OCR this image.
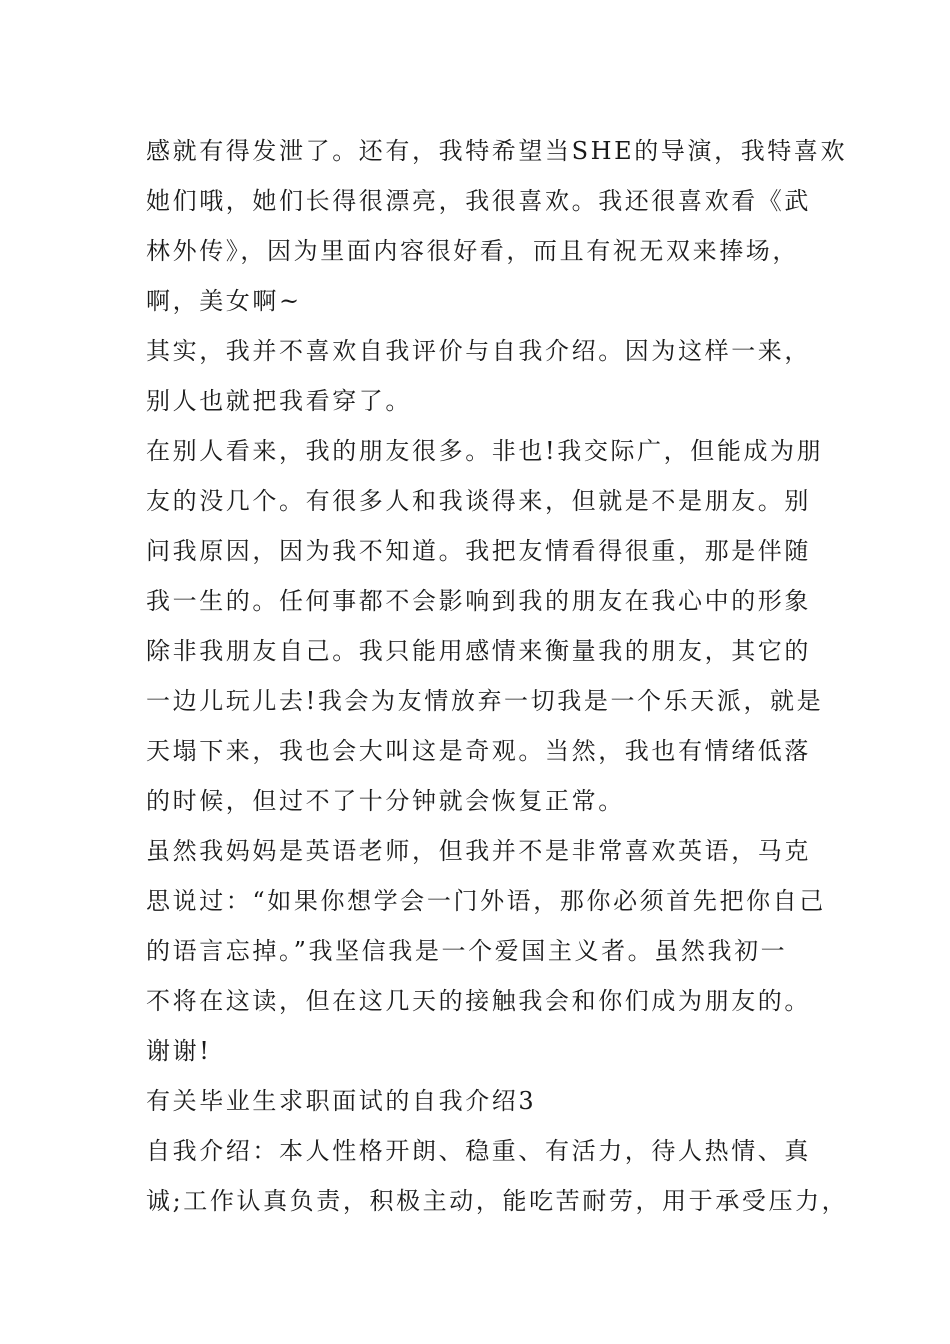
感就有得发泄了。还有，我特希望当SHE的导演，我特喜欢
她们哦，她们长得很漂亮，我很喜欢。我还很喜欢看《武
林外传》，因为里面内容很好看，而且有祝无双来捧场，
啊，美女啊~
其实，我并不喜欢自我评价与自我介绍。因为这样一来，
别人也就把我看穿了。
在别人看来，我的朋友很多。非也!我交际广，但能成为朋
友的没几个。有很多人和我谈得来，但就是不是朋友。别
问我原因，因为我不知道。我把友情看得很重，那是伴随
我一生的。任何事都不会影响到我的朋友在我心中的形象
除非我朋友自己。我只能用感情来衡量我的朋友，其它的
一边儿玩儿去!我会为友情放弃一切我是一个乐天派，就是
天塌下来，我也会大叫这是奇观。当然，我也有情绪低落
的时候，但过不了十分钟就会恢复正常。
虽然我妈妈是英语老师，但我并不是非常喜欢英语，马克
思说过：“如果你想学会一门外语，那你必须首先把你自己
的语言忘掉。”我坚信我是一个爱国主义者。虽然我初一
不将在这读，但在这几天的接触我会和你们成为朋友的。
谢谢!
有关毕业生求职面试的自我介绍3
自我介绍：本人性格开朗、稳重、有活力，待人热情、真
诚;工作认真负责，积极主动，能吃苦耐劳，用于承受压力，
